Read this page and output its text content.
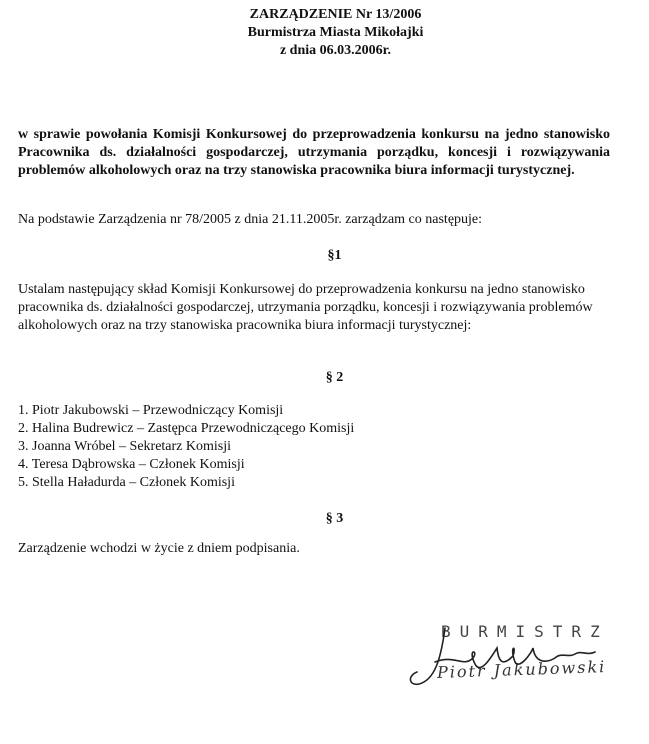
ZARZĄDZENIE Nr 13/2006
Burmistrza Miasta Mikołajki
z dnia 06.03.2006r.
w sprawie powołania Komisji Konkursowej do przeprowadzenia konkursu na jedno stanowisko Pracownika ds. działalności gospodarczej, utrzymania porządku, koncesji i rozwiązywania problemów alkoholowych oraz na trzy stanowiska pracownika biura informacji turystycznej.
Na podstawie Zarządzenia nr 78/2005 z dnia 21.11.2005r. zarządzam co następuje:
§1
Ustalam następujący skład Komisji Konkursowej do przeprowadzenia konkursu na jedno stanowisko pracownika ds. działalności gospodarczej, utrzymania porządku, koncesji i rozwiązywania problemów alkoholowych oraz na trzy stanowiska pracownika biura informacji turystycznej:
§ 2
1. Piotr Jakubowski – Przewodniczący Komisji
2. Halina Budrewicz – Zastępca Przewodniczącego Komisji
3. Joanna Wróbel – Sekretarz Komisji
4. Teresa Dąbrowska – Członek Komisji
5. Stella Haładurda – Członek Komisji
§ 3
Zarządzenie wchodzi w życie z dniem podpisania.
BURMISTRZ
Piotr Jakubowski
